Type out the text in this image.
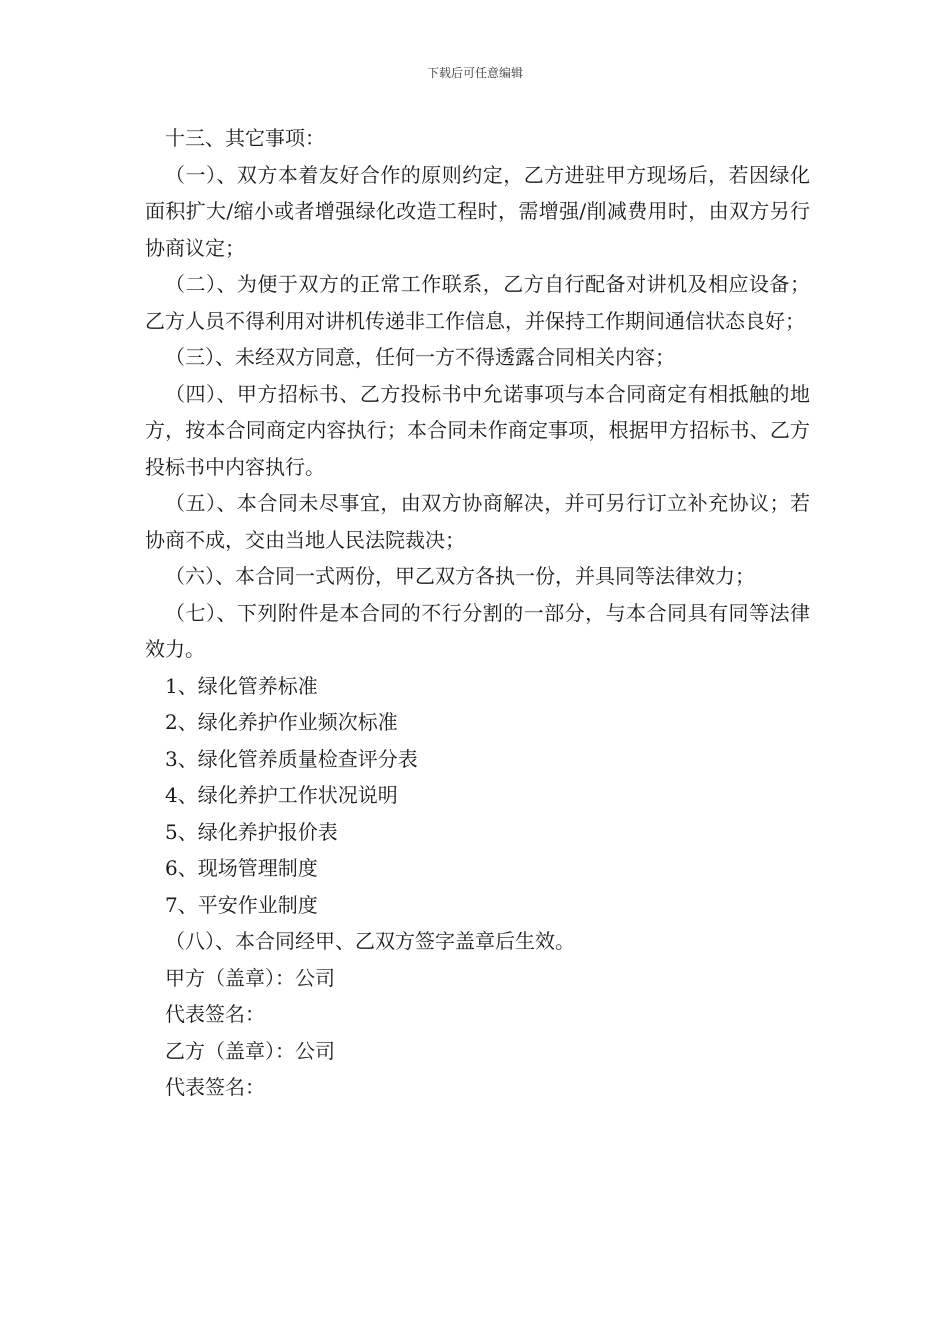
下载后可任意编辑

十三、其它事项：

（一）、双方本着友好合作的原则约定，乙方进驻甲方现场后，若因绿化面积扩大/缩小或者增强绿化改造工程时，需增强/削减费用时，由双方另行协商议定；

（二）、为便于双方的正常工作联系，乙方自行配备对讲机及相应设备；乙方人员不得利用对讲机传递非工作信息，并保持工作期间通信状态良好；

（三）、未经双方同意，任何一方不得透露合同相关内容；

（四）、甲方招标书、乙方投标书中允诺事项与本合同商定有相抵触的地方，按本合同商定内容执行；本合同未作商定事项，根据甲方招标书、乙方投标书中内容执行。

（五）、本合同未尽事宜，由双方协商解决，并可另行订立补充协议；若协商不成，交由当地人民法院裁决；

（六）、本合同一式两份，甲乙双方各执一份，并具同等法律效力；

（七）、下列附件是本合同的不行分割的一部分，与本合同具有同等法律效力。

1、绿化管养标准

2、绿化养护作业频次标准

3、绿化管养质量检查评分表

4、绿化养护工作状况说明

5、绿化养护报价表

6、现场管理制度

7、平安作业制度

（八）、本合同经甲、乙双方签字盖章后生效。

甲方（盖章）：公司

代表签名：

乙方（盖章）：公司

代表签名：
